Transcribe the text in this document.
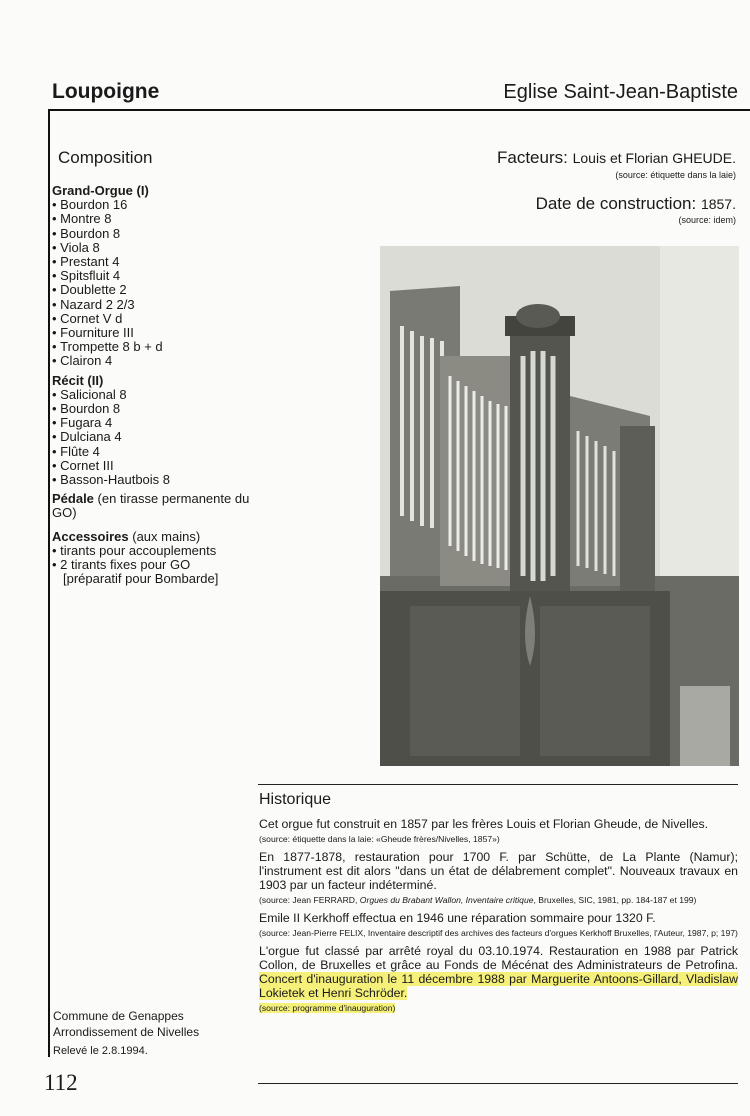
Loupoigne	Eglise Saint-Jean-Baptiste
Composition
Grand-Orgue (I)
• Bourdon 16
• Montre 8
• Bourdon 8
• Viola 8
• Prestant 4
• Spitsfluit 4
• Doublette 2
• Nazard 2 2/3
• Cornet V d
• Fourniture III
• Trompette 8 b + d
• Clairon 4
Récit (II)
• Salicional 8
• Bourdon 8
• Fugara 4
• Dulciana 4
• Flûte 4
• Cornet III
• Basson-Hautbois 8
Pédale (en tirasse permanente du GO)
Accessoires (aux mains)
• tirants pour accouplements
• 2 tirants fixes pour GO
[préparatif pour Bombarde]
Facteurs: Louis et Florian GHEUDE.
(source: étiquette dans la laie)
Date de construction: 1857.
(source: idem)
Historique

Cet orgue fut construit en 1857 par les frères Louis et Florian Gheude, de Nivelles.

(source: étiquette dans la laie: «Gheude frères/Nivelles, 1857»)

En 1877-1878, restauration pour 1700 F. par Schütte, de La Plante (Namur); l'instrument est dit alors "dans un état de délabrement complet". Nouveaux travaux en 1903 par un facteur indéterminé.

(source: Jean FERRARD, Orgues du Brabant Wallon, Inventaire critique, Bruxelles, SIC, 1981, pp. 184-187 et 199)

Emile II Kerkhoff effectua en 1946 une réparation sommaire pour 1320 F.

(source: Jean-Pierre FELIX, Inventaire descriptif des archives des facteurs d'orgues Kerkhoff Bruxelles, l'Auteur, 1987, p; 197)

L'orgue fut classé par arrêté royal du 03.10.1974. Restauration en 1988 par Patrick Collon, de Bruxelles et grâce au Fonds de Mécénat des Administrateurs de Petrofina. Concert d'inauguration le 11 décembre 1988 par Marguerite Antoons-Gillard, Vladislaw Lokietek et Henri Schröder.

(source: programme d'inauguration)

Commune de Genappes
Arrondissement de Nivelles
Relevé le 2.8.1994.
112
